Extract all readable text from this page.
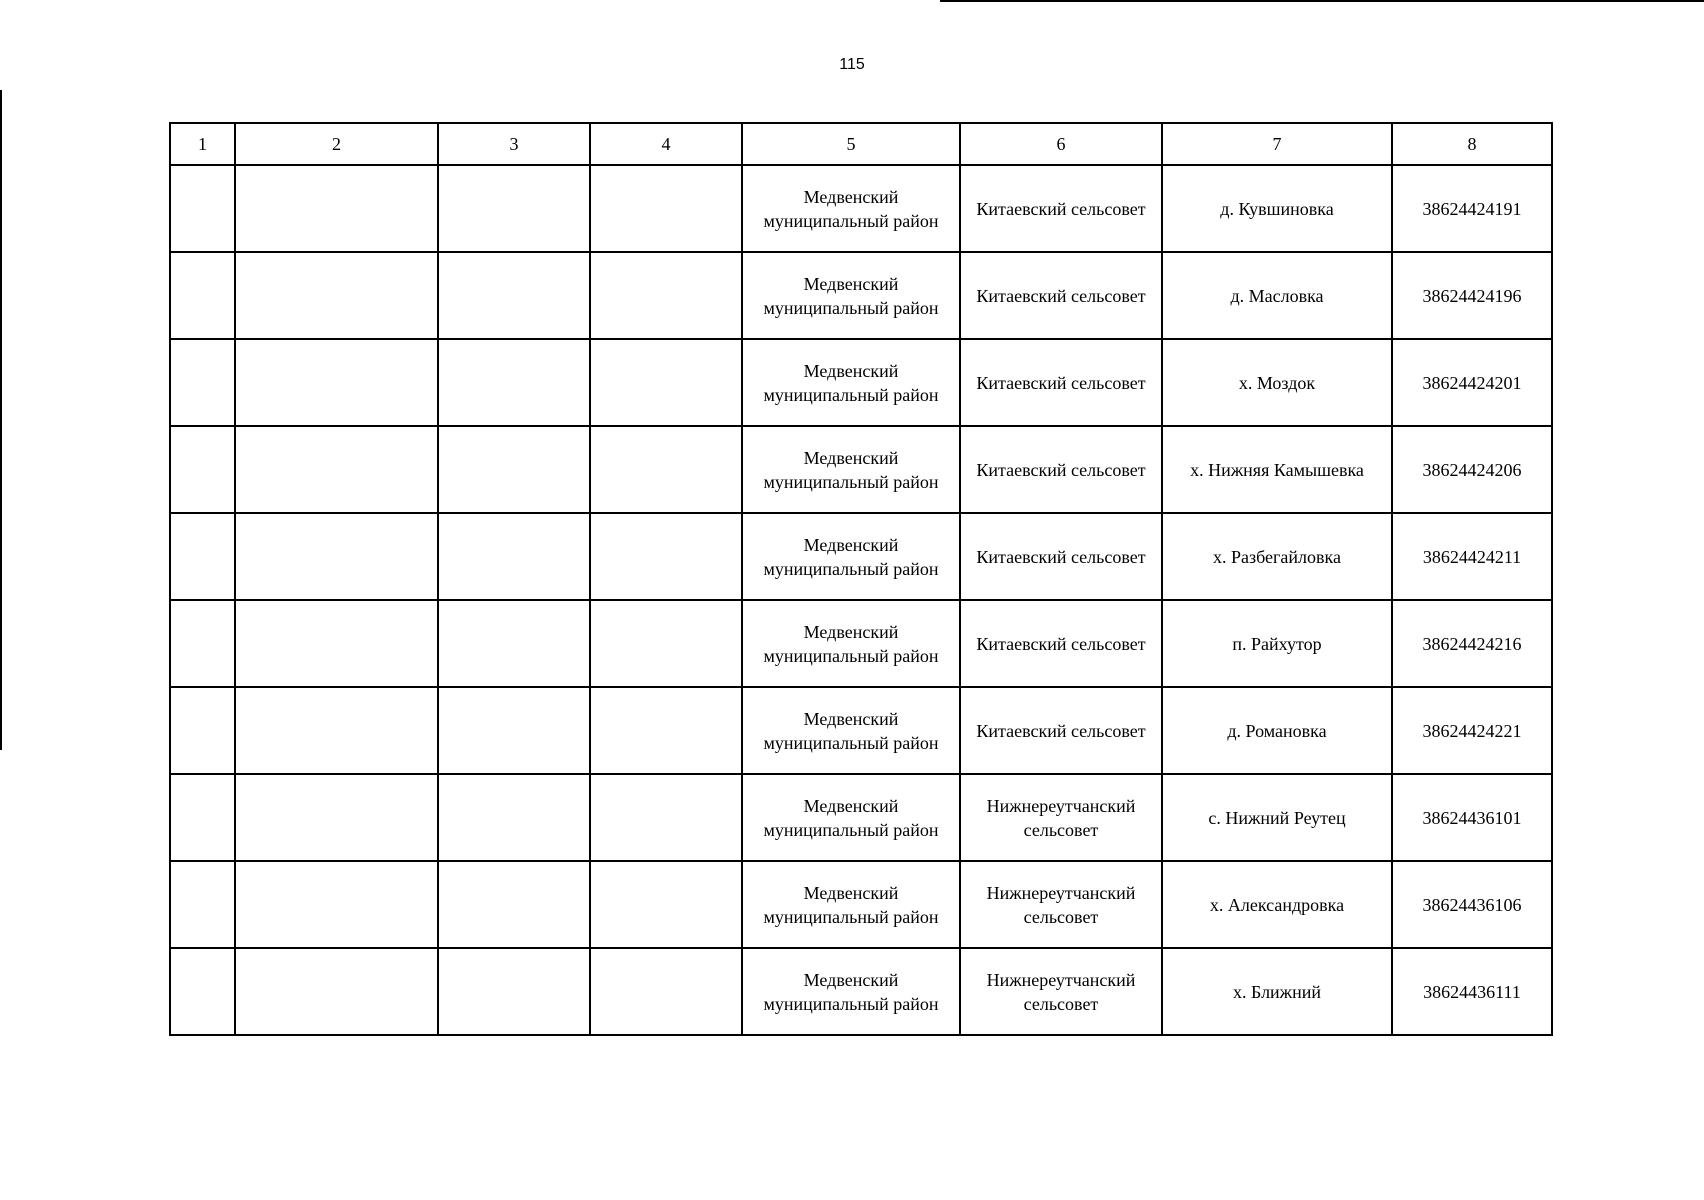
115
1	2	3	4	5	6	7	8
				Медвенский муниципальный район	Китаевский сельсовет	д. Кувшиновка	38624424191
				Медвенский муниципальный район	Китаевский сельсовет	д. Масловка	38624424196
				Медвенский муниципальный район	Китаевский сельсовет	х. Моздок	38624424201
				Медвенский муниципальный район	Китаевский сельсовет	х. Нижняя Камышевка	38624424206
				Медвенский муниципальный район	Китаевский сельсовет	х. Разбегайловка	38624424211
				Медвенский муниципальный район	Китаевский сельсовет	п. Райхутор	38624424216
				Медвенский муниципальный район	Китаевский сельсовет	д. Романовка	38624424221
				Медвенский муниципальный район	Нижнереутчанский сельсовет	с. Нижний Реутец	38624436101
				Медвенский муниципальный район	Нижнереутчанский сельсовет	х. Александровка	38624436106
				Медвенский муниципальный район	Нижнереутчанский сельсовет	х. Ближний	38624436111
